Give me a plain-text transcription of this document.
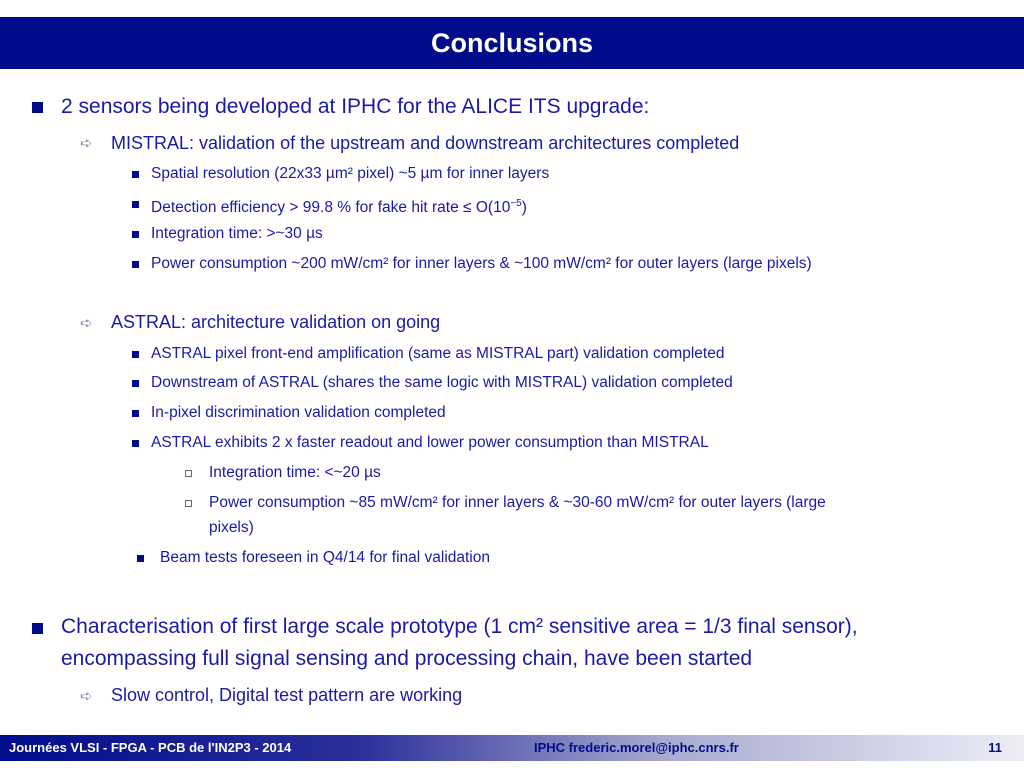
Conclusions
2 sensors being developed at IPHC for the ALICE ITS upgrade:
➪ MISTRAL: validation of the upstream and downstream architectures completed
Spatial resolution (22x33 µm² pixel) ~5 µm for inner layers
Detection efficiency > 99.8 % for fake hit rate ≤ $O(10^{-5})$
Integration time: >~30 µs
Power consumption ~200 mW/cm² for inner layers & ~100 mW/cm² for outer layers (large pixels)
➪ ASTRAL: architecture validation on going
ASTRAL pixel front-end amplification (same as MISTRAL part) validation completed
Downstream of ASTRAL (shares the same logic with MISTRAL) validation completed
In-pixel discrimination validation completed
ASTRAL exhibits 2 x faster readout and lower power consumption than MISTRAL
Integration time: <~20 µs
Power consumption ~85 mW/cm² for inner layers & ~30-60 mW/cm² for outer layers (large
pixels)
Beam tests foreseen in Q4/14 for final validation
Characterisation of first large scale prototype (1 cm² sensitive area = 1/3 final sensor),
encompassing full signal sensing and processing chain, have been started
➪ Slow control, Digital test pattern are working
Journées VLSI - FPGA - PCB de l'IN2P3 - 2014	IPHC frederic.morel@iphc.cnrs.fr	11
